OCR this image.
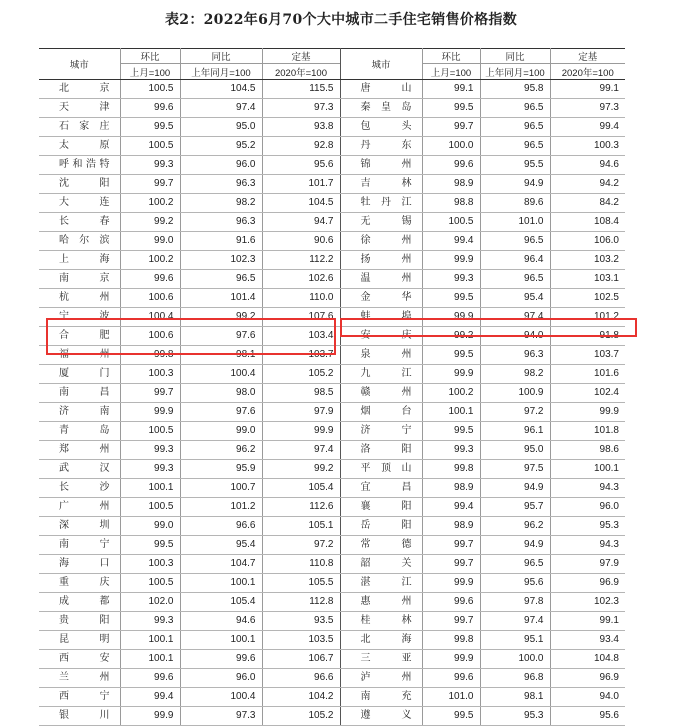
表2：2022年6月70个大中城市二手住宅销售价格指数
城市	环比	同比	定基	城市	环比	同比	定基
	上月=100	上年同月=100	2020年=100		上月=100	上年同月=100	2020年=100
北京	100.5	104.5	115.5	唐山	99.1	95.8	99.1
天津	99.6	97.4	97.3	秦皇岛	99.5	96.5	97.3
石家庄	99.5	95.0	93.8	包头	99.7	96.5	99.4
太原	100.5	95.2	92.8	丹东	100.0	96.5	100.3
呼和浩特	99.3	96.0	95.6	锦州	99.6	95.5	94.6
沈阳	99.7	96.3	101.7	吉林	98.9	94.9	94.2
大连	100.2	98.2	104.5	牡丹江	98.8	89.6	84.2
长春	99.2	96.3	94.7	无锡	100.5	101.0	108.4
哈尔滨	99.0	91.6	90.6	徐州	99.4	96.5	106.0
上海	100.2	102.3	112.2	扬州	99.9	96.4	103.2
南京	99.6	96.5	102.6	温州	99.3	96.5	103.1
杭州	100.6	101.4	110.0	金华	99.5	95.4	102.5
宁波	100.4	99.2	107.6	蚌埠	99.9	97.4	101.2
合肥	100.6	97.6	103.4	安庆	99.2	94.0	91.8
福州	99.8	98.1	103.7	泉州	99.5	96.3	103.7
厦门	100.3	100.4	105.2	九江	99.9	98.2	101.6
南昌	99.7	98.0	98.5	赣州	100.2	100.9	102.4
济南	99.9	97.6	97.9	烟台	100.1	97.2	99.9
青岛	100.5	99.0	99.9	济宁	99.5	96.1	101.8
郑州	99.3	96.2	97.4	洛阳	99.3	95.0	98.6
武汉	99.3	95.9	99.2	平顶山	99.8	97.5	100.1
长沙	100.1	100.7	105.4	宜昌	98.9	94.9	94.3
广州	100.5	101.2	112.6	襄阳	99.4	95.7	96.0
深圳	99.0	96.6	105.1	岳阳	98.9	96.2	95.3
南宁	99.5	95.4	97.2	常德	99.7	94.9	94.3
海口	100.3	104.7	110.8	韶关	99.7	96.5	97.9
重庆	100.5	100.1	105.5	湛江	99.9	95.6	96.9
成都	102.0	105.4	112.8	惠州	99.6	97.8	102.3
贵阳	99.3	94.6	93.5	桂林	99.7	97.4	99.1
昆明	100.1	100.1	103.5	北海	99.8	95.1	93.4
西安	100.1	99.6	106.7	三亚	99.9	100.0	104.8
兰州	99.6	96.0	96.6	泸州	99.6	96.8	96.9
西宁	99.4	100.4	104.2	南充	101.0	98.1	94.0
银川	99.9	97.3	105.2	遵义	99.5	95.3	95.6
